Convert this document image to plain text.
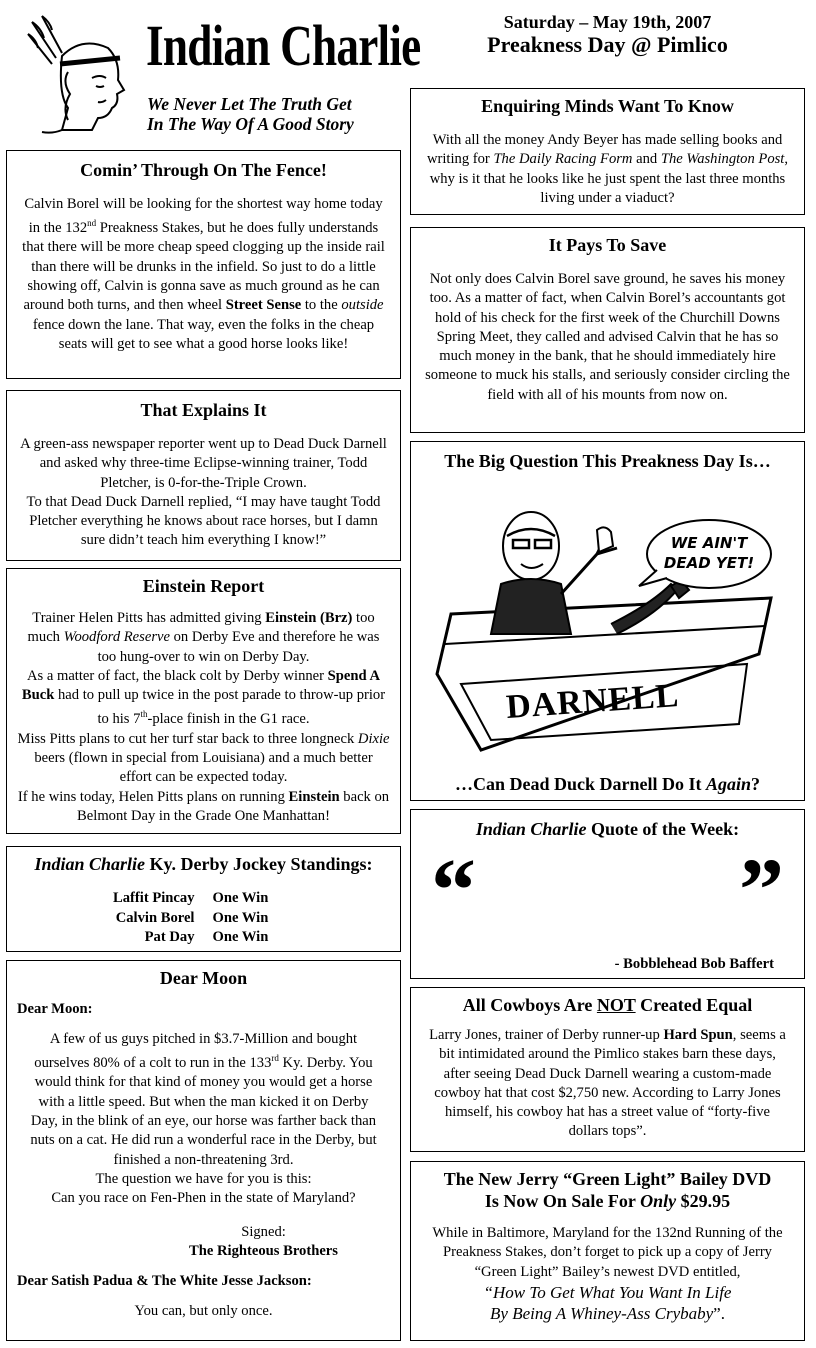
Indian Charlie
We Never Let The Truth Get
In The Way Of A Good Story
Saturday – May 19th, 2007
Preakness Day @ Pimlico
Comin’ Through On The Fence!

Calvin Borel will be looking for the shortest way home today in the 132nd Preakness Stakes, but he does fully understands that there will be more cheap speed clogging up the inside rail than there will be drunks in the infield. So just to do a little showing off, Calvin is gonna save as much ground as he can around both turns, and then wheel Street Sense to the outside fence down the lane. That way, even the folks in the cheap seats will get to see what a good horse looks like!

That Explains It

A green-ass newspaper reporter went up to Dead Duck Darnell and asked why three-time Eclipse-winning trainer, Todd Pletcher, is 0-for-the-Triple Crown.

To that Dead Duck Darnell replied, “I may have taught Todd Pletcher everything he knows about race horses, but I damn sure didn’t teach him everything I know!”

Einstein Report

Trainer Helen Pitts has admitted giving Einstein (Brz) too much Woodford Reserve on Derby Eve and therefore he was too hung-over to win on Derby Day.

As a matter of fact, the black colt by Derby winner Spend A Buck had to pull up twice in the post parade to throw-up prior to his 7th-place finish in the G1 race.

Miss Pitts plans to cut her turf star back to three longneck Dixie beers (flown in special from Louisiana) and a much better effort can be expected today.

If he wins today, Helen Pitts plans on running Einstein back on Belmont Day in the Grade One Manhattan!

Indian Charlie Ky. Derby Jockey Standings:
Laffit Pincay	One Win
Calvin Borel	One Win
Pat Day	One Win
Dear Moon
Dear Moon:

A few of us guys pitched in $3.7-Million and bought ourselves 80% of a colt to run in the 133rd Ky. Derby. You would think for that kind of money you would get a horse with a little speed. But when the man kicked it on Derby Day, in the blink of an eye, our horse was farther back than nuts on a cat. He did run a wonderful race in the Derby, but finished a non-threatening 3rd.

The question we have for you is this:

Can you race on Fen-Phen in the state of Maryland?

Signed:

The Righteous Brothers

Dear Satish Padua & The White Jesse Jackson:

You can, but only once.

Enquiring Minds Want To Know

With all the money Andy Beyer has made selling books and writing for The Daily Racing Form and The Washington Post, why is it that he looks like he just spent the last three months living under a viaduct?

It Pays To Save

Not only does Calvin Borel save ground, he saves his money too. As a matter of fact, when Calvin Borel’s accountants got hold of his check for the first week of the Churchill Downs Spring Meet, they called and advised Calvin that he has so much money in the bank, that he should immediately hire someone to muck his stalls, and seriously consider circling the field with all of his mounts from now on.

The Big Question This Preakness Day Is…
WE AIN'T
DEAD YET!
DARNELL
…Can Dead Duck Darnell Do It Again?
Indian Charlie Quote of the Week:
“	”
- Bobblehead Bob Baffert
All Cowboys Are NOT Created Equal

Larry Jones, trainer of Derby runner-up Hard Spun, seems a bit intimidated around the Pimlico stakes barn these days, after seeing Dead Duck Darnell wearing a custom-made cowboy hat that cost $2,750 new. According to Larry Jones himself, his cowboy hat has a street value of “forty-five dollars tops”.

The New Jerry “Green Light” Bailey DVD
Is Now On Sale For Only $29.95

While in Baltimore, Maryland for the 132nd Running of the Preakness Stakes, don’t forget to pick up a copy of Jerry “Green Light” Bailey’s newest DVD entitled,

“How To Get What You Want In Life
By Being A Whiney-Ass Crybaby”.
